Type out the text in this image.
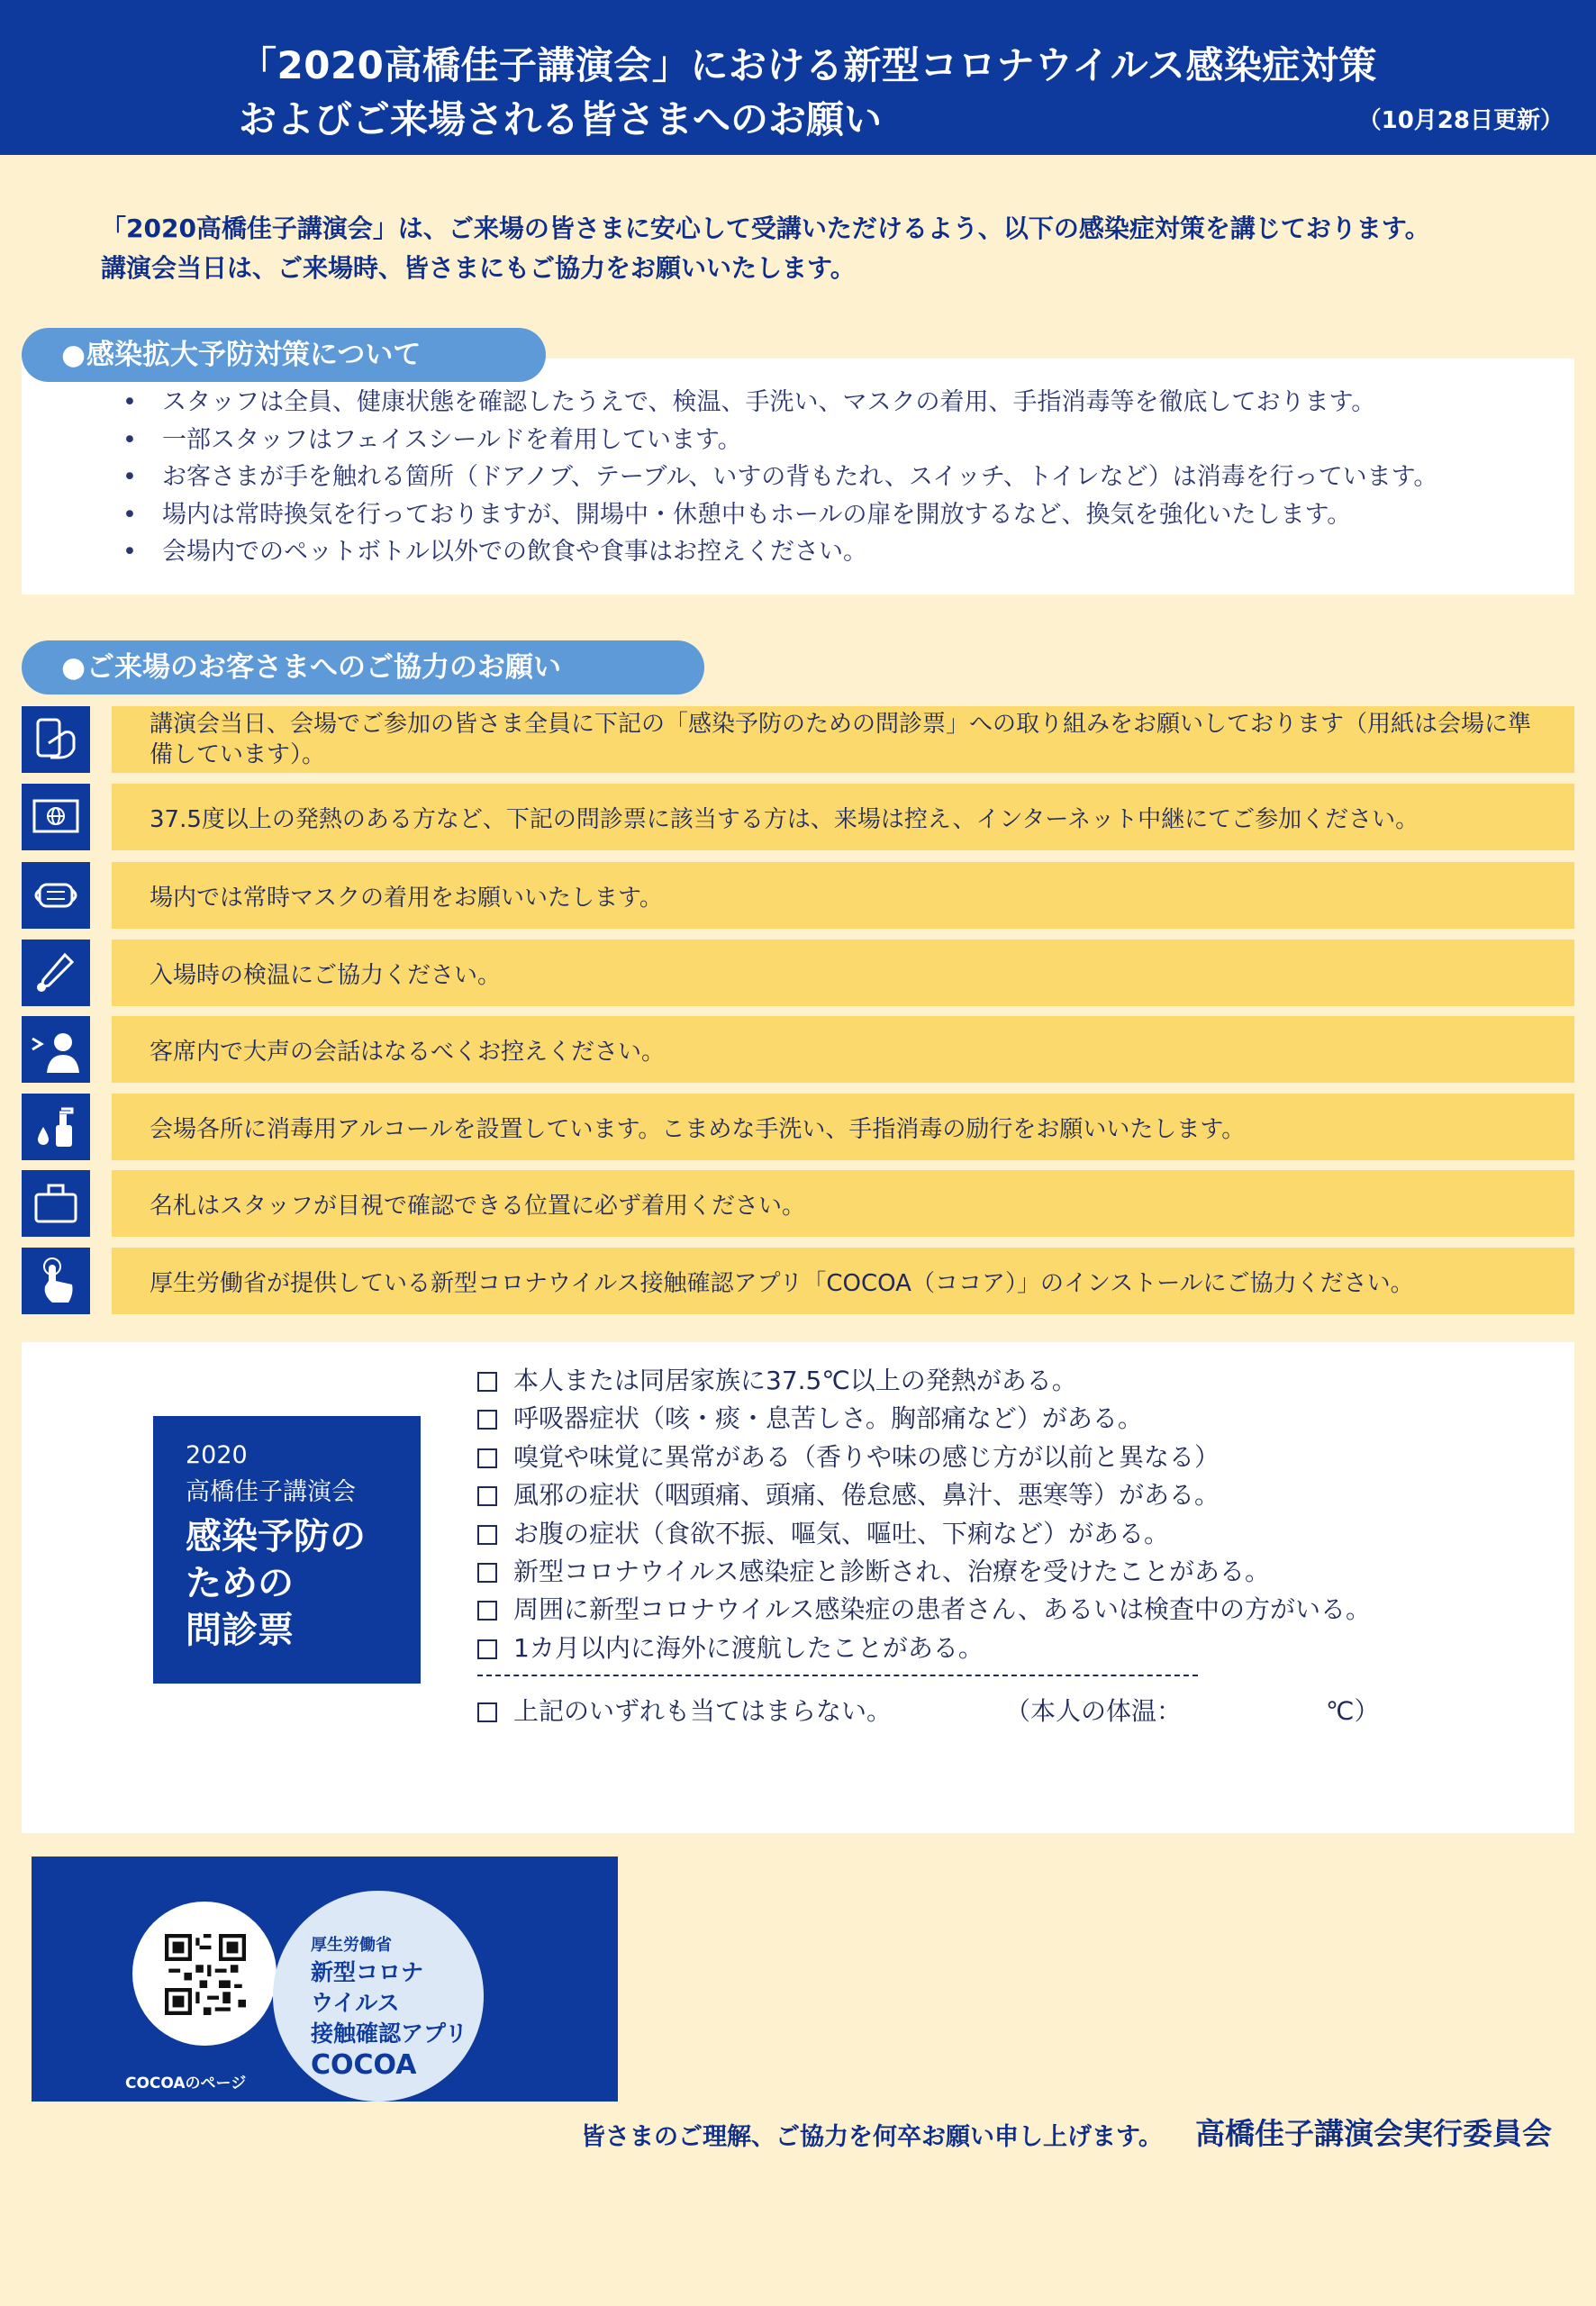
「2020高橋佳子講演会」における新型コロナウイルス感染症対策
およびご来場される皆さまへのお願い	（10月28日更新）
「2020高橋佳子講演会」は、ご来場の皆さまに安心して受講いただけるよう、以下の感染症対策を講じております。
講演会当日は、ご来場時、皆さまにもご協力をお願いいたします。
• スタッフは全員、健康状態を確認したうえで、検温、手洗い、マスクの着用、手指消毒等を徹底しております。
• 一部スタッフはフェイスシールドを着用しています。
• お客さまが手を触れる箇所（ドアノブ、テーブル、いすの背もたれ、スイッチ、トイレなど）は消毒を行っています。
• 場内は常時換気を行っておりますが、開場中・休憩中もホールの扉を開放するなど、換気を強化いたします。
• 会場内でのペットボトル以外での飲食や食事はお控えください。
● 感染拡大予防対策について
● ご来場のお客さまへのご協力のお願い
講演会当日、会場でご参加の皆さま全員に下記の「感染予防のための問診票」への取り組みをお願いしております（用紙は会場に準備しています）。
37.5度以上の発熱のある方など、下記の問診票に該当する方は、来場は控え、インターネット中継にてご参加ください。
場内では常時マスクの着用をお願いいたします。
入場時の検温にご協力ください。
客席内で大声の会話はなるべくお控えください。
会場各所に消毒用アルコールを設置しています。こまめな手洗い、手指消毒の励行をお願いいたします。
名札はスタッフが目視で確認できる位置に必ず着用ください。
厚生労働省が提供している新型コロナウイルス接触確認アプリ「COCOA（ココア）」のインストールにご協力ください。
2020
高橋佳子講演会
感染予防の
ための
問診票
本人または同居家族に37.5℃以上の発熱がある。
呼吸器症状（咳・痰・息苦しさ。胸部痛など）がある。
嗅覚や味覚に異常がある（香りや味の感じ方が以前と異なる）
風邪の症状（咽頭痛、頭痛、倦怠感、鼻汁、悪寒等）がある。
お腹の症状（食欲不振、嘔気、嘔吐、下痢など）がある。
新型コロナウイルス感染症と診断され、治療を受けたことがある。
周囲に新型コロナウイルス感染症の患者さん、あるいは検査中の方がいる。
1カ月以内に海外に渡航したことがある。
上記のいずれも当てはまらない。	（本人の体温：	℃）
COCOAのページ
厚生労働省
新型コロナ
ウイルス
接触確認アプリ
COCOA
皆さまのご理解、ご協力を何卒お願い申し上げます。 高橋佳子講演会実行委員会
